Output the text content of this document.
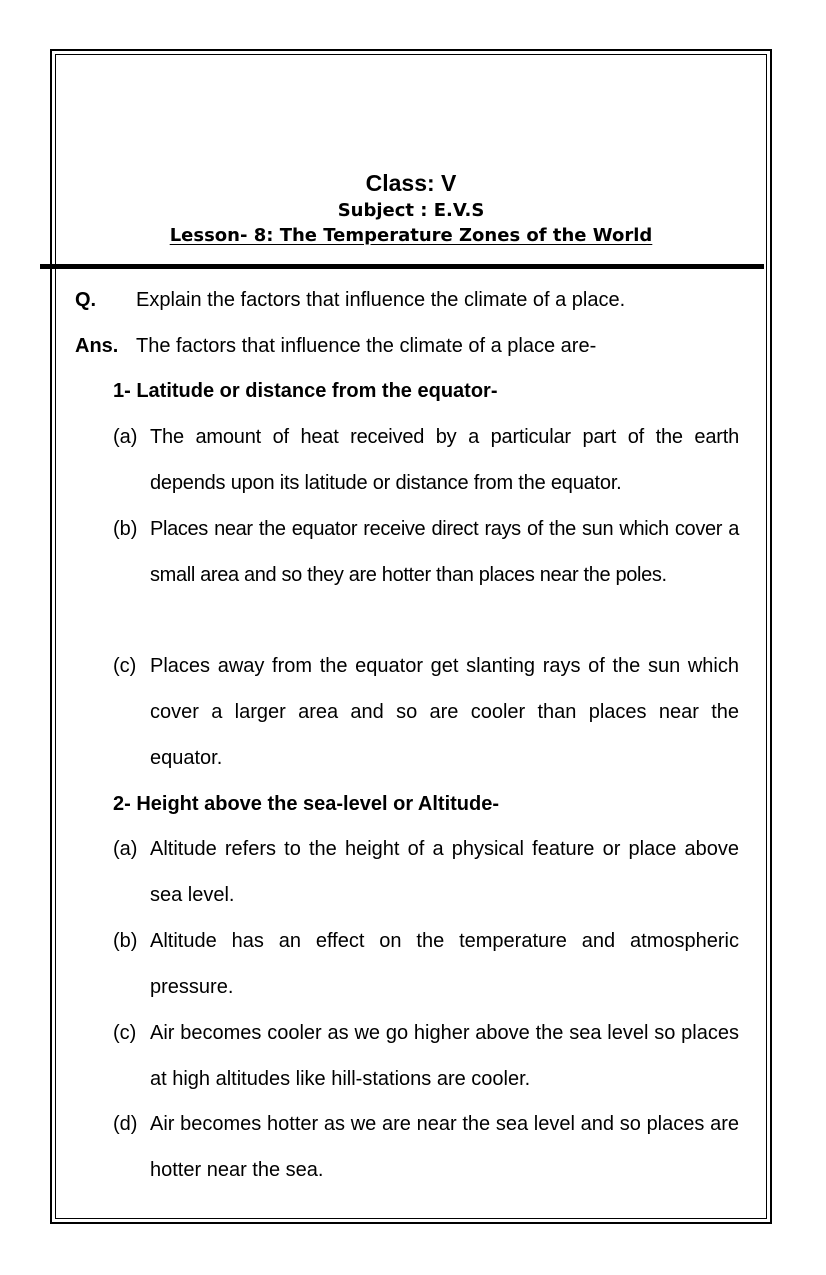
Class: V
Subject : E.V.S
Lesson- 8: The Temperature Zones of the World
Q. Explain the factors that influence the climate of a place.
Ans. The factors that influence the climate of a place are-
1- Latitude or distance from the equator-
(a) The amount of heat received by a particular part of the earth depends upon its latitude or distance from the equator.
(b) Places near the equator receive direct rays of the sun which cover a small area and so they are hotter than places near the poles.
(c) Places away from the equator get slanting rays of the sun which cover a larger area and so are cooler than places near the equator.
2- Height above the sea-level or Altitude-
(a) Altitude refers to the height of a physical feature or place above sea level.
(b) Altitude has an effect on the temperature and atmospheric pressure.
(c) Air becomes cooler as we go higher above the sea level so places at high altitudes like hill-stations are cooler.
(d) Air becomes hotter as we are near the sea level and so places are hotter near the sea.
